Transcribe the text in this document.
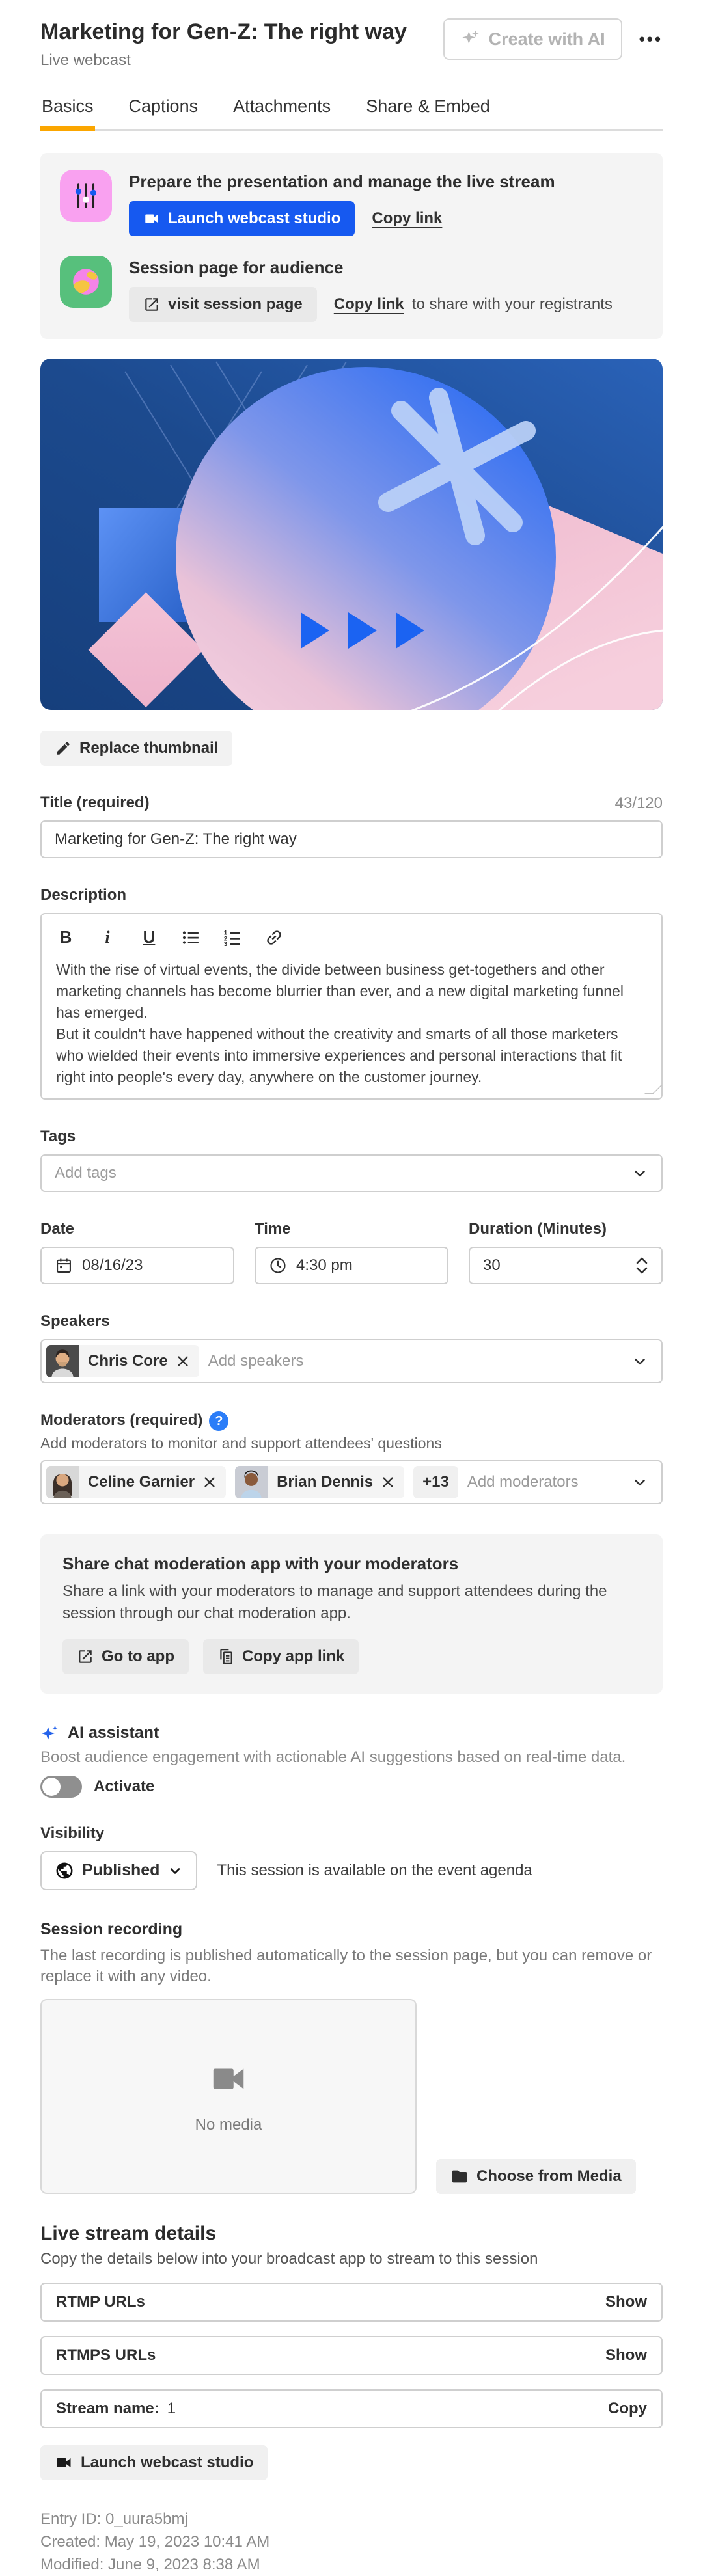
Marketing for Gen-Z: The right way
Live webcast
Create with AI •••
Basics Captions Attachments Share & Embed
Prepare the presentation and manage the live stream
Launch webcast studio Copy link
Session page for audience
visit session page Copy link to share with your registrants
Replace thumbnail
Title (required)	43/120
Marketing for Gen-Z: The right way
Description
B	i	U	1
2
3
With the rise of virtual events, the divide between business get-togethers and other marketing channels has become blurrier than ever, and a new digital marketing funnel has emerged.
But it couldn't have happened without the creativity and smarts of all those marketers who wielded their events into immersive experiences and personal interactions that fit right into people's every day, anywhere on the customer journey.
Tags
Add tags
Date
08/16/23
Time
4:30 pm
Duration (Minutes)
30
Speakers
Chris Core	Add speakers
Moderators (required) ?
Add moderators to monitor and support attendees' questions
Celine Garnier	Brian Dennis	+13	Add moderators
Share chat moderation app with your moderators
Share a link with your moderators to manage and support attendees during the session through our chat moderation app.
Go to app	Copy app link
AI assistant
Boost audience engagement with actionable AI suggestions based on real-time data.
Activate
Visibility
Published	This session is available on the event agenda
Session recording
The last recording is published automatically to the session page, but you can remove or replace it with any video.
No media
Choose from Media
Live stream details
Copy the details below into your broadcast app to stream to this session
RTMP URLs	Show
RTMPS URLs	Show
Stream name: 1	Copy
Launch webcast studio
Entry ID: 0_uura5bmj
Created: May 19, 2023 10:41 AM
Modified: June 9, 2023 8:38 AM
